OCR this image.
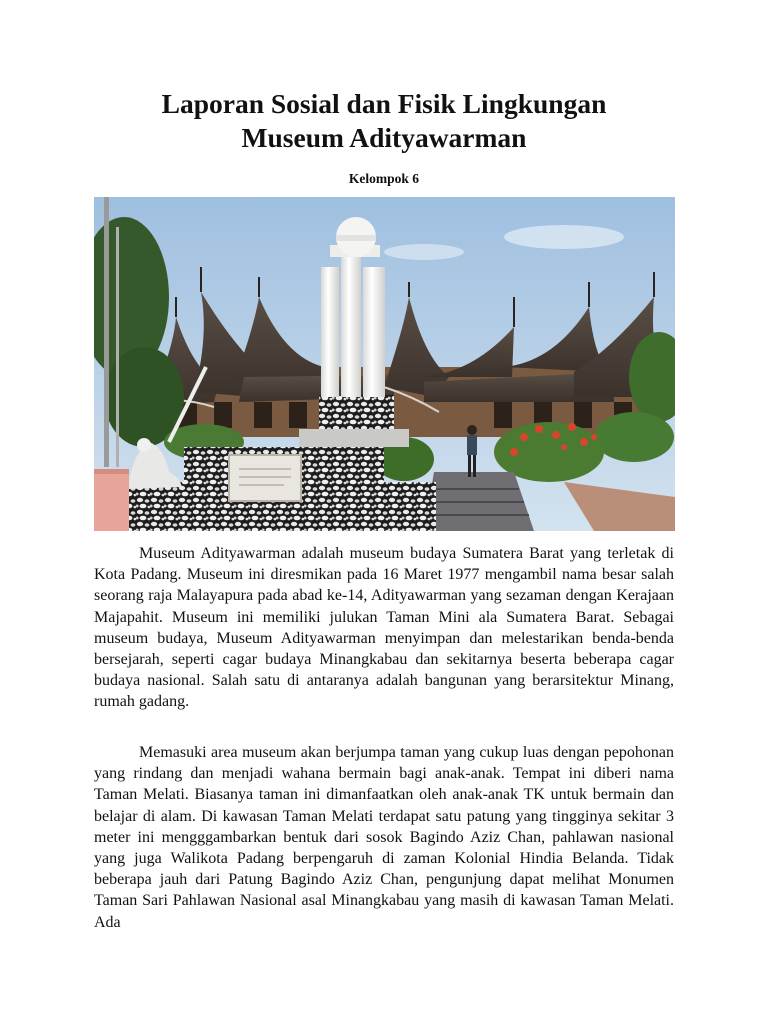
Laporan Sosial dan Fisik Lingkungan
Museum Adityawarman

Kelompok 6

Museum Adityawarman adalah museum budaya Sumatera Barat yang terletak di Kota Padang. Museum ini diresmikan pada 16 Maret 1977 mengambil nama besar salah seorang raja Malayapura pada abad ke-14, Adityawarman yang sezaman dengan Kerajaan Majapahit. Museum ini memiliki julukan Taman Mini ala Sumatera Barat. Sebagai museum budaya, Museum Adityawarman menyimpan dan melestarikan benda-benda bersejarah, seperti cagar budaya Minangkabau dan sekitarnya beserta beberapa cagar budaya nasional. Salah satu di antaranya adalah bangunan yang berarsitektur Minang, rumah gadang.

Memasuki area museum akan berjumpa taman yang cukup luas dengan pepohonan yang rindang dan menjadi wahana bermain bagi anak-anak. Tempat ini diberi nama Taman Melati. Biasanya taman ini dimanfaatkan oleh anak-anak TK untuk bermain dan belajar di alam. Di kawasan Taman Melati terdapat satu patung yang tingginya sekitar 3 meter ini mengggambarkan bentuk dari sosok Bagindo Aziz Chan, pahlawan nasional yang juga Walikota Padang berpengaruh di zaman Kolonial Hindia Belanda. Tidak beberapa jauh dari Patung Bagindo Aziz Chan, pengunjung dapat melihat Monumen Taman Sari Pahlawan Nasional asal Minangkabau yang masih di kawasan Taman Melati. Ada
